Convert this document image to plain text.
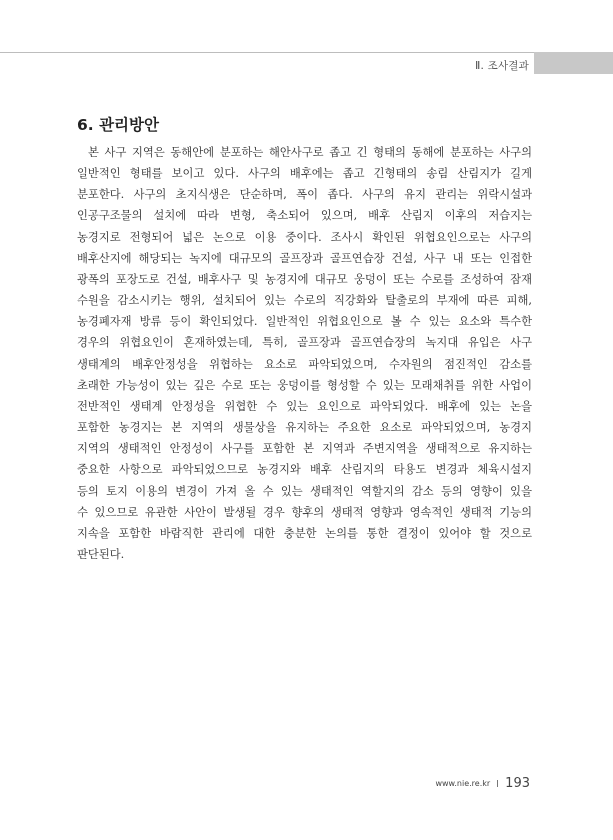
Ⅱ. 조사결과
6. 관리방안

본 사구 지역은 동해안에 분포하는 해안사구로 좁고 긴 형태의 동해에 분포하는 사구의
일반적인 형태를 보이고 있다. 사구의 배후에는 좁고 긴형태의 송림 산림지가 길게
분포한다. 사구의 초지식생은 단순하며, 폭이 좁다. 사구의 유지 관리는 위락시설과
인공구조물의 설치에 따라 변형, 축소되어 있으며, 배후 산림지 이후의 저습지는
농경지로 전형되어 넓은 논으로 이용 중이다. 조사시 확인된 위협요인으로는 사구의
배후산지에 해당되는 녹지에 대규모의 골프장과 골프연습장 건설, 사구 내 또는 인접한
광폭의 포장도로 건설, 배후사구 및 농경지에 대규모 웅덩이 또는 수로를 조성하여 잠재
수원을 감소시키는 행위, 설치되어 있는 수로의 직강화와 탈출로의 부재에 따른 피해,
농경폐자재 방류 등이 확인되었다. 일반적인 위협요인으로 볼 수 있는 요소와 특수한
경우의 위협요인이 혼재하였는데, 특히, 골프장과 골프연습장의 녹지대 유입은 사구
생태계의 배후안정성을 위협하는 요소로 파악되었으며, 수자원의 점진적인 감소를
초래한 가능성이 있는 깊은 수로 또는 웅덩이를 형성할 수 있는 모래채취를 위한 사업이
전반적인 생태계 안정성을 위협한 수 있는 요인으로 파악되었다. 배후에 있는 논을
포함한 농경지는 본 지역의 생물상을 유지하는 주요한 요소로 파악되었으며, 농경지
지역의 생태적인 안정성이 사구를 포함한 본 지역과 주변지역을 생태적으로 유지하는
중요한 사항으로 파악되었으므로 농경지와 배후 산림지의 타용도 변경과 체육시설지
등의 토지 이용의 변경이 가져 올 수 있는 생태적인 역할지의 감소 등의 영향이 있을
수 있으므로 유관한 사안이 발생될 경우 향후의 생태적 영향과 영속적인 생태적 기능의
지속을 포함한 바람직한 관리에 대한 충분한 논의를 통한 결정이 있어야 할 것으로
판단된다.

www.nie.re.kr 193
